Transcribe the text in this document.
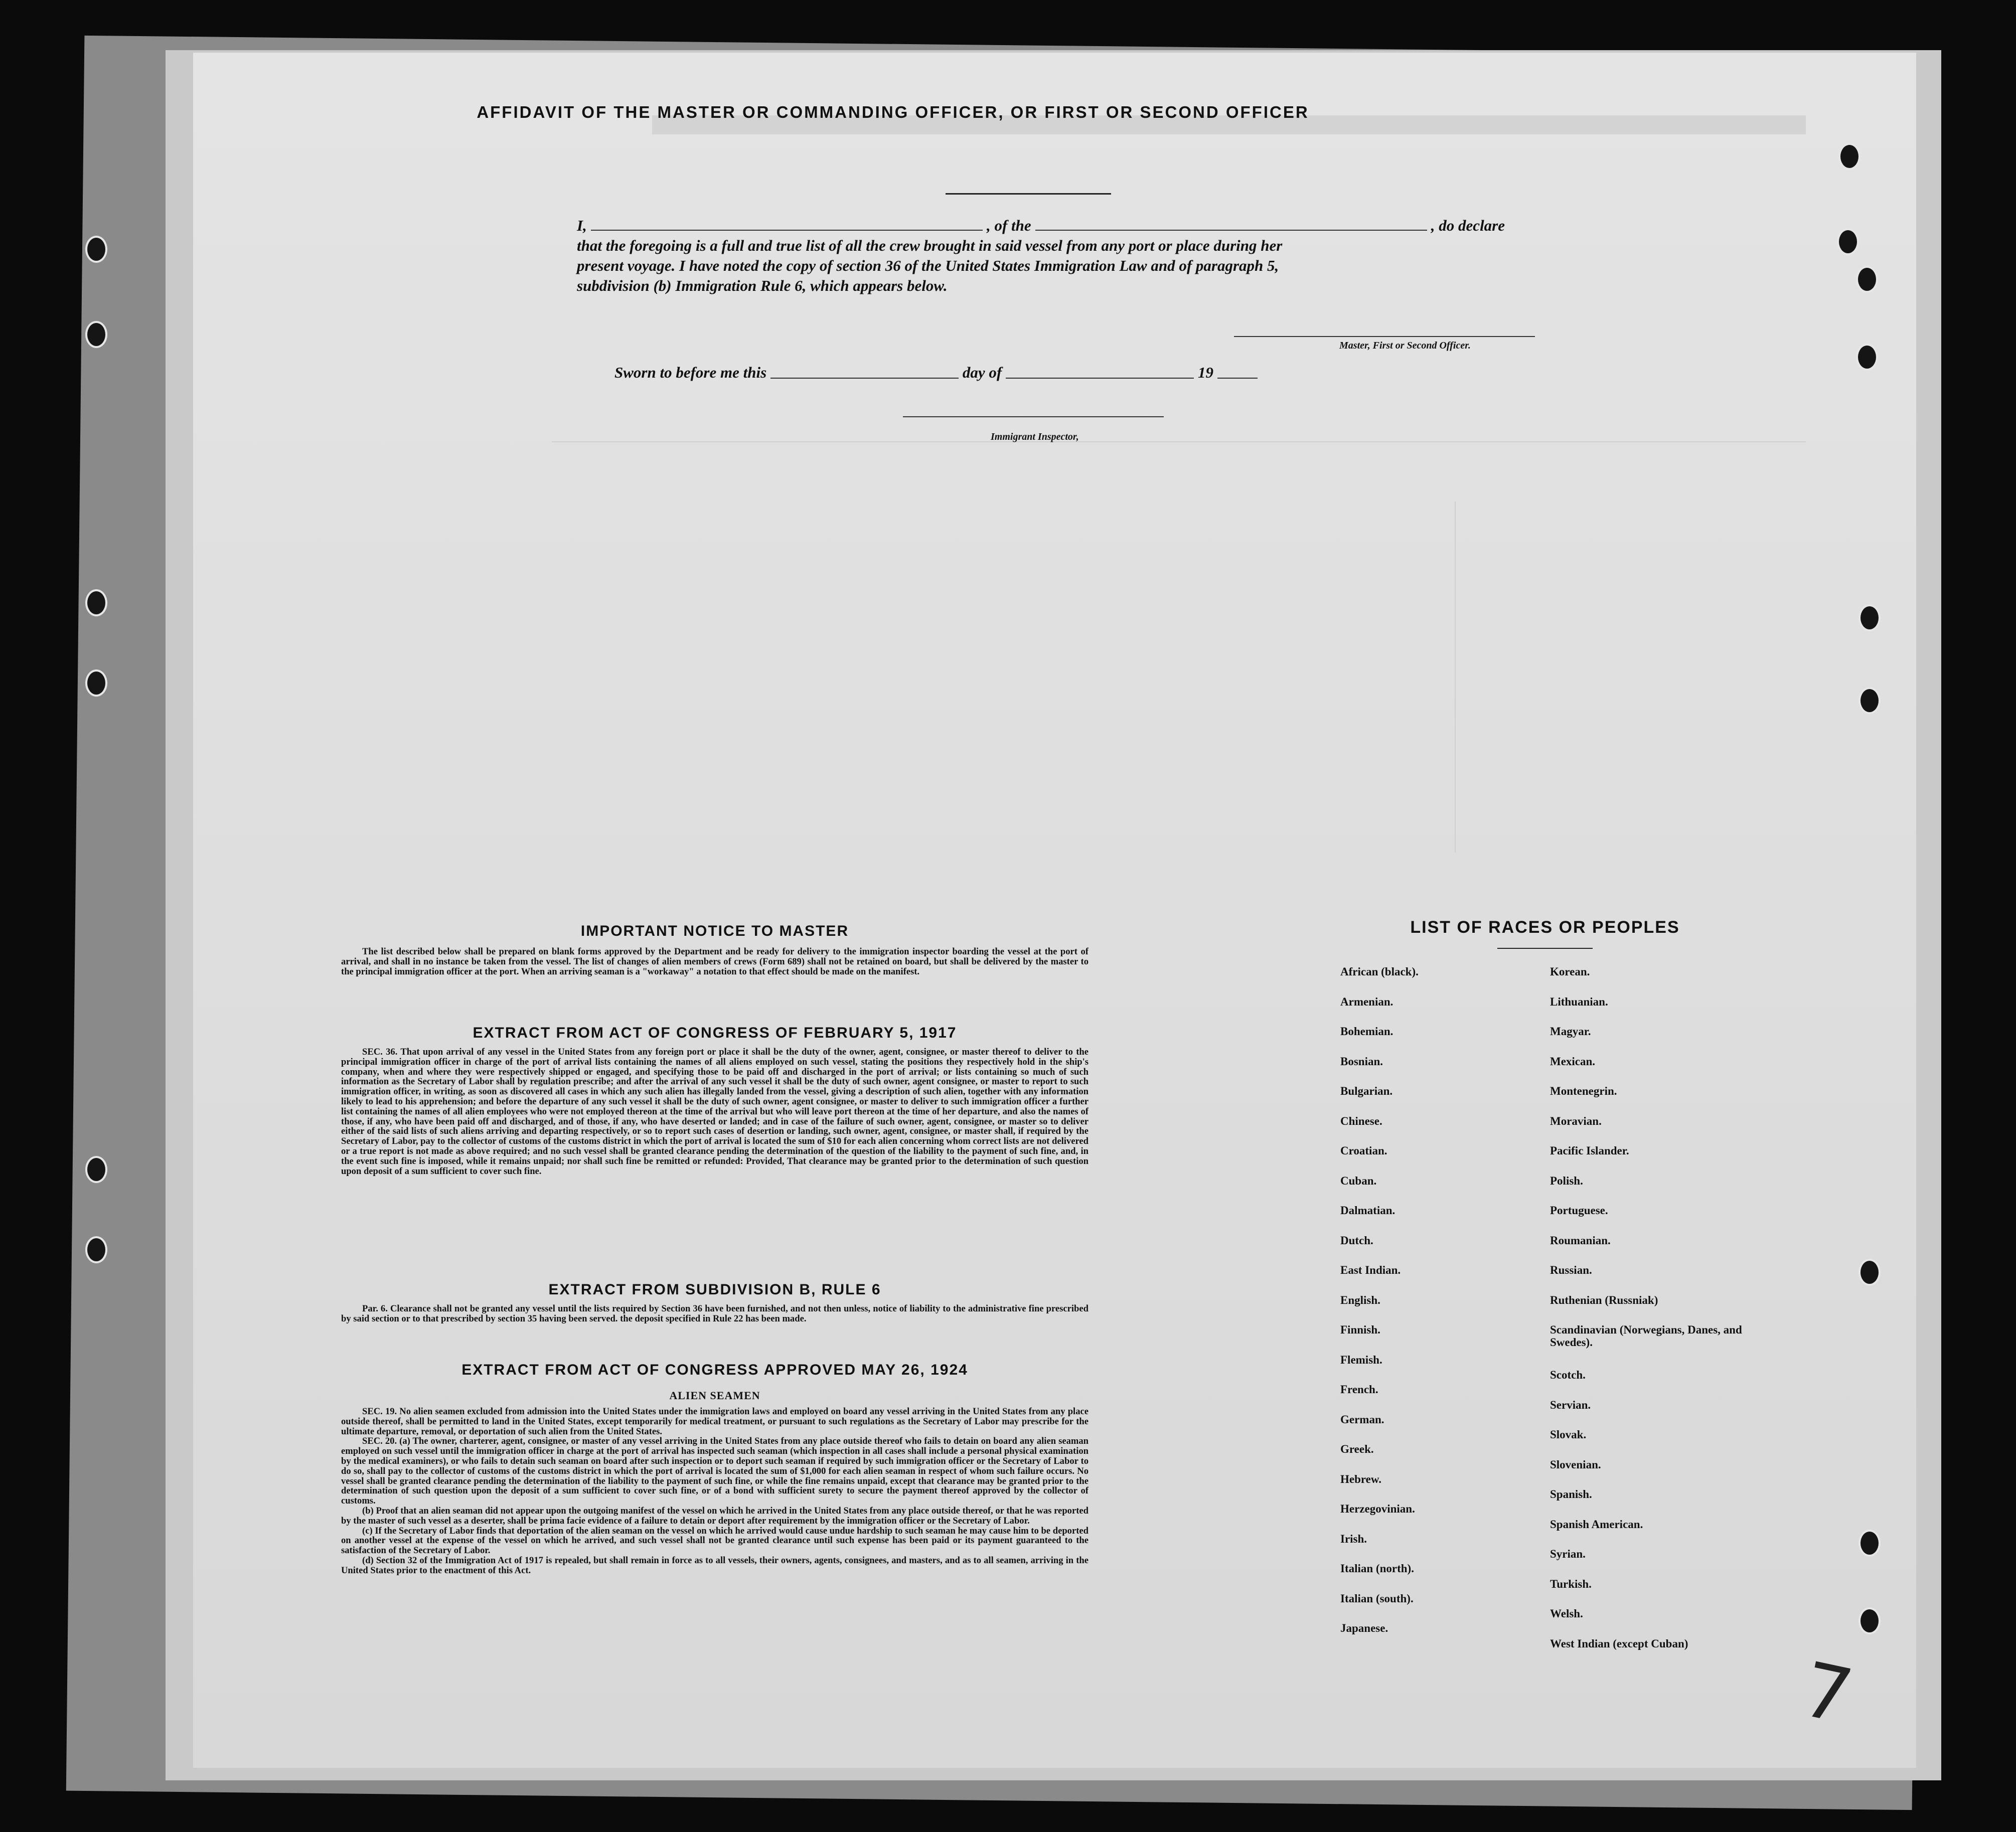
AFFIDAVIT OF THE MASTER OR COMMANDING OFFICER, OR FIRST OR SECOND OFFICER
I,	, of the	, do declare
that the foregoing is a full and true list of all the crew brought in said vessel from any port or place during her
present voyage. I have noted the copy of section 36 of the United States Immigration Law and of paragraph 5,
subdivision (b) Immigration Rule 6, which appears below.
Master, First or Second Officer.
Sworn to before me this	day of	19
Immigrant Inspector,
IMPORTANT NOTICE TO MASTER

The list described below shall be prepared on blank forms approved by the Department and be ready for delivery to the immigration inspector boarding the vessel at the port of arrival, and shall in no instance be taken from the vessel. The list of changes of alien members of crews (Form 689) shall not be retained on board, but shall be delivered by the master to the principal immigration officer at the port. When an arriving seaman is a "workaway" a notation to that effect should be made on the manifest.

EXTRACT FROM ACT OF CONGRESS OF FEBRUARY 5, 1917

SEC. 36. That upon arrival of any vessel in the United States from any foreign port or place it shall be the duty of the owner, agent, consignee, or master thereof to deliver to the principal immigration officer in charge of the port of arrival lists containing the names of all aliens employed on such vessel, stating the positions they respectively hold in the ship's company, when and where they were respectively shipped or engaged, and specifying those to be paid off and discharged in the port of arrival; or lists containing so much of such information as the Secretary of Labor shall by regulation prescribe; and after the arrival of any such vessel it shall be the duty of such owner, agent consignee, or master to report to such immigration officer, in writing, as soon as discovered all cases in which any such alien has illegally landed from the vessel, giving a description of such alien, together with any information likely to lead to his apprehension; and before the departure of any such vessel it shall be the duty of such owner, agent consignee, or master to deliver to such immigration officer a further list containing the names of all alien employees who were not employed thereon at the time of the arrival but who will leave port thereon at the time of her departure, and also the names of those, if any, who have been paid off and discharged, and of those, if any, who have deserted or landed; and in case of the failure of such owner, agent, consignee, or master so to deliver either of the said lists of such aliens arriving and departing respectively, or so to report such cases of desertion or landing, such owner, agent, consignee, or master shall, if required by the Secretary of Labor, pay to the collector of customs of the customs district in which the port of arrival is located the sum of $10 for each alien concerning whom correct lists are not delivered or a true report is not made as above required; and no such vessel shall be granted clearance pending the determination of the question of the liability to the payment of such fine, and, in the event such fine is imposed, while it remains unpaid; nor shall such fine be remitted or refunded: Provided, That clearance may be granted prior to the determination of such question upon deposit of a sum sufficient to cover such fine.

EXTRACT FROM SUBDIVISION B, RULE 6

Par. 6. Clearance shall not be granted any vessel until the lists required by Section 36 have been furnished, and not then unless, notice of liability to the administrative fine prescribed by said section or to that prescribed by section 35 having been served. the deposit specified in Rule 22 has been made.

EXTRACT FROM ACT OF CONGRESS APPROVED MAY 26, 1924
ALIEN SEAMEN

SEC. 19. No alien seamen excluded from admission into the United States under the immigration laws and employed on board any vessel arriving in the United States from any place outside thereof, shall be permitted to land in the United States, except temporarily for medical treatment, or pursuant to such regulations as the Secretary of Labor may prescribe for the ultimate departure, removal, or deportation of such alien from the United States.

SEC. 20. (a) The owner, charterer, agent, consignee, or master of any vessel arriving in the United States from any place outside thereof who fails to detain on board any alien seaman employed on such vessel until the immigration officer in charge at the port of arrival has inspected such seaman (which inspection in all cases shall include a personal physical examination by the medical examiners), or who fails to detain such seaman on board after such inspection or to deport such seaman if required by such immigration officer or the Secretary of Labor to do so, shall pay to the collector of customs of the customs district in which the port of arrival is located the sum of $1,000 for each alien seaman in respect of whom such failure occurs. No vessel shall be granted clearance pending the determination of the liability to the payment of such fine, or while the fine remains unpaid, except that clearance may be granted prior to the determination of such question upon the deposit of a sum sufficient to cover such fine, or of a bond with sufficient surety to secure the payment thereof approved by the collector of customs.

(b) Proof that an alien seaman did not appear upon the outgoing manifest of the vessel on which he arrived in the United States from any place outside thereof, or that he was reported by the master of such vessel as a deserter, shall be prima facie evidence of a failure to detain or deport after requirement by the immigration officer or the Secretary of Labor.

(c) If the Secretary of Labor finds that deportation of the alien seaman on the vessel on which he arrived would cause undue hardship to such seaman he may cause him to be deported on another vessel at the expense of the vessel on which he arrived, and such vessel shall not be granted clearance until such expense has been paid or its payment guaranteed to the satisfaction of the Secretary of Labor.

(d) Section 32 of the Immigration Act of 1917 is repealed, but shall remain in force as to all vessels, their owners, agents, consignees, and masters, and as to all seamen, arriving in the United States prior to the enactment of this Act.

LIST OF RACES OR PEOPLES
African (black).
Armenian.
Bohemian.
Bosnian.
Bulgarian.
Chinese.
Croatian.
Cuban.
Dalmatian.
Dutch.
East Indian.
English.
Finnish.
Flemish.
French.
German.
Greek.
Hebrew.
Herzegovinian.
Irish.
Italian (north).
Italian (south).
Japanese.
Korean.
Lithuanian.
Magyar.
Mexican.
Montenegrin.
Moravian.
Pacific Islander.
Polish.
Portuguese.
Roumanian.
Russian.
Ruthenian (Russniak)
Scandinavian (Norwegians, Danes, and Swedes).
Scotch.
Servian.
Slovak.
Slovenian.
Spanish.
Spanish American.
Syrian.
Turkish.
Welsh.
West Indian (except Cuban)
7
